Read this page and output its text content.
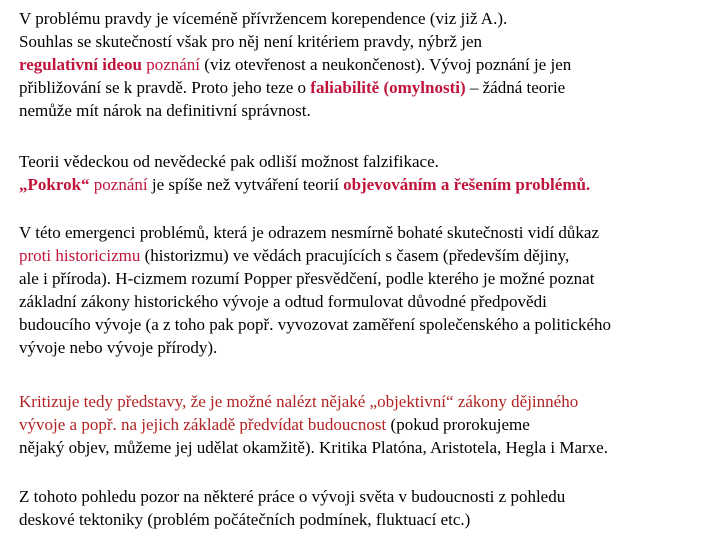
V problému pravdy je víceméně přívržencem korependence (viz již A.).
Souhlas se skutečností však pro něj není kritériem pravdy, nýbrž jen
regulativní ideou poznání (viz otevřenost a neukončenost). Vývoj poznání je jen
přibližování se k pravdě. Proto jeho teze o faliabilitě (omylnosti) – žádná teorie
nemůže mít nárok na definitivní správnost.

Teorii vědeckou od nevědecké pak odliší možnost falzifikace.
„Pokrok“ poznání je spíše než vytváření teorií objevováním a řešením problémů.

V této emergenci problémů, která je odrazem nesmírně bohaté skutečnosti vidí důkaz
proti historicizmu (historizmu) ve vědách pracujících s časem (především dějiny,
ale i příroda). H-cizmem rozumí Popper přesvědčení, podle kterého je možné poznat
základní zákony historického vývoje a odtud formulovat důvodné předpovědi
budoucího vývoje (a z toho pak popř. vyvozovat zaměření společenského a politického
vývoje nebo vývoje přírody).

Kritizuje tedy představy, že je možné nalézt nějaké „objektivní“ zákony dějinného
vývoje a popř. na jejich základě předvídat budoucnost (pokud prorokujeme
nějaký objev, můžeme jej udělat okamžitě). Kritika Platóna, Aristotela, Hegla i Marxe.

Z tohoto pohledu pozor na některé práce o vývoji světa v budoucnosti z pohledu
deskové tektoniky (problém počátečních podmínek, fluktuací etc.)
